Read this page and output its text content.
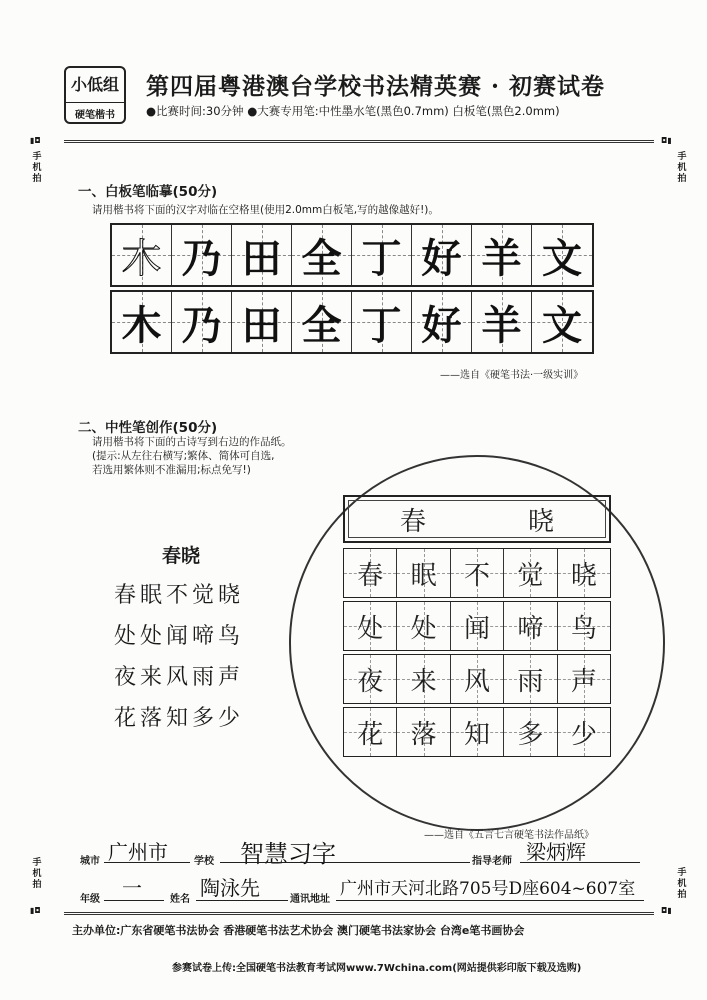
小低组
硬笔楷书
第四届粤港澳台学校书法精英赛 · 初赛试卷
●比赛时间:30分钟 ●大赛专用笔:中性墨水笔(黑色0.7mm) 白板笔(黑色2.0mm)
▮◘
手机拍
◘▮
手机拍
手机拍
▮◘
手机拍
◘▮
一、白板笔临摹(50分)
请用楷书将下面的汉字对临在空格里(使用2.0mm白板笔,写的越像越好!)。
木 乃 田 全 丁 好 羊 文
木 乃 田 全 丁 好 羊 文
——选自《硬笔书法·一级实训》
二、中性笔创作(50分)
请用楷书将下面的古诗写到右边的作品纸。
(提示:从左往右横写;繁体、简体可自选,
若选用繁体则不准漏用;标点免写!)
春晓
春眠不觉晓
处处闻啼鸟
夜来风雨声
花落知多少
春	晓
春 眠 不 觉 晓
处 处 闻 啼 鸟
夜 来 风 雨 声
花 落 知 多 少
——选自《五言七言硬笔书法作品纸》
城市 广州市	学校 智慧习字	指导老师 梁炳辉
年级 一	姓名 陶泳先	通讯地址
广州市天河北路705号D座604~607室
主办单位:广东省硬笔书法协会 香港硬笔书法艺术协会 澳门硬笔书法家协会 台湾e笔书画协会
参赛试卷上传:全国硬笔书法教育考试网www.7Wchina.com(网站提供彩印版下载及选购)
